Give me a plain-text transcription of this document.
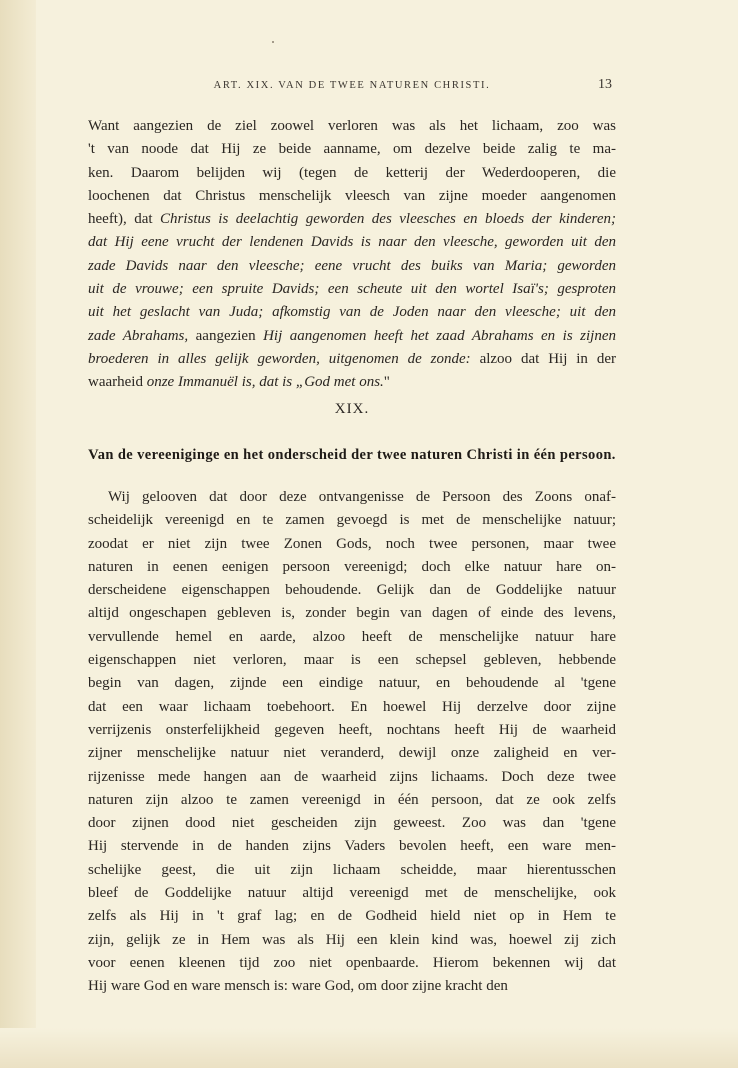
ART. XIX. VAN DE TWEE NATUREN CHRISTI.	13
Want aangezien de ziel zoowel verloren was als het lichaam, zoo was
't van noode dat Hij ze beide aanname, om dezelve beide zalig te ma-
ken. Daarom belijden wij (tegen de ketterij der Wederdooperen, die
loochenen dat Christus menschelijk vleesch van zijne moeder aangenomen
heeft), dat Christus is deelachtig geworden des vleesches en bloeds der kinderen;
dat Hij eene vrucht der lendenen Davids is naar den vleesche, geworden uit den
zade Davids naar den vleesche; eene vrucht des buiks van Maria; geworden
uit de vrouwe; een spruite Davids; een scheute uit den wortel Isaï's; gesproten
uit het geslacht van Juda; afkomstig van de Joden naar den vleesche; uit den
zade Abrahams, aangezien Hij aangenomen heeft het zaad Abrahams en is zijnen
broederen in alles gelijk geworden, uitgenomen de zonde: alzoo dat Hij in der
waarheid onze Immanuël is, dat is „God met ons."
XIX.
Van de vereeniginge en het onderscheid der twee naturen Christi in één persoon.
Wij gelooven dat door deze ontvangenisse de Persoon des Zoons onaf-
scheidelijk vereenigd en te zamen gevoegd is met de menschelijke natuur;
zoodat er niet zijn twee Zonen Gods, noch twee personen, maar twee
naturen in eenen eenigen persoon vereenigd; doch elke natuur hare on-
derscheidene eigenschappen behoudende. Gelijk dan de Goddelijke natuur
altijd ongeschapen gebleven is, zonder begin van dagen of einde des levens,
vervullende hemel en aarde, alzoo heeft de menschelijke natuur hare
eigenschappen niet verloren, maar is een schepsel gebleven, hebbende
begin van dagen, zijnde een eindige natuur, en behoudende al 'tgene
dat een waar lichaam toebehoort. En hoewel Hij derzelve door zijne
verrijzenis onsterfelijkheid gegeven heeft, nochtans heeft Hij de waarheid
zijner menschelijke natuur niet veranderd, dewijl onze zaligheid en ver-
rijzenisse mede hangen aan de waarheid zijns lichaams. Doch deze twee
naturen zijn alzoo te zamen vereenigd in één persoon, dat ze ook zelfs
door zijnen dood niet gescheiden zijn geweest. Zoo was dan 'tgene
Hij stervende in de handen zijns Vaders bevolen heeft, een ware men-
schelijke geest, die uit zijn lichaam scheidde, maar hierentusschen
bleef de Goddelijke natuur altijd vereenigd met de menschelijke, ook
zelfs als Hij in 't graf lag; en de Godheid hield niet op in Hem te
zijn, gelijk ze in Hem was als Hij een klein kind was, hoewel zij zich
voor eenen kleenen tijd zoo niet openbaarde. Hierom bekennen wij dat
Hij ware God en ware mensch is: ware God, om door zijne kracht den
